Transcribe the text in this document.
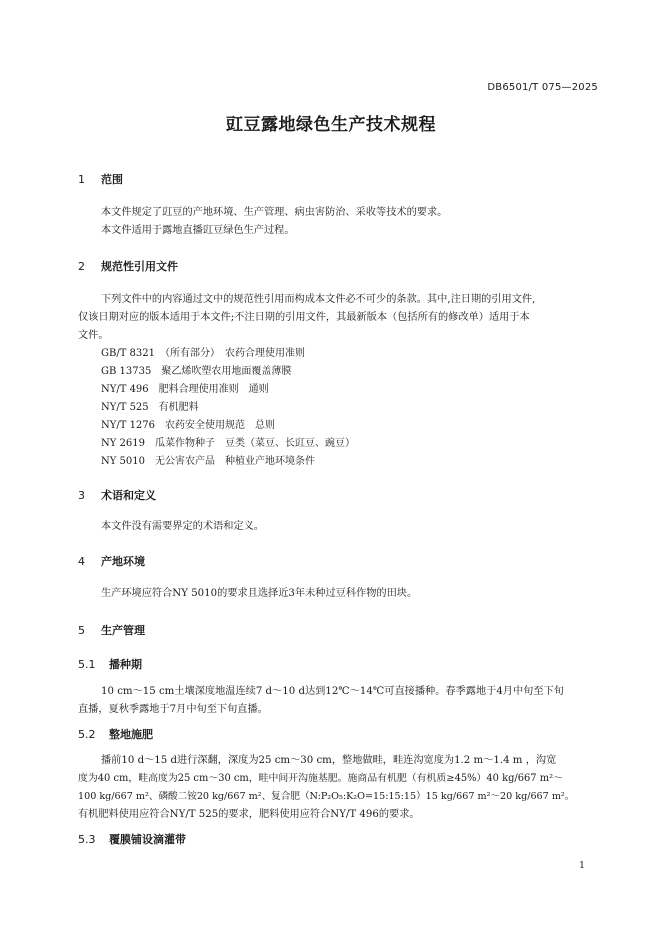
DB6501/T 075—2025
豇豆露地绿色生产技术规程
1 范围
本文件规定了豇豆的产地环境、生产管理、病虫害防治、采收等技术的要求。
本文件适用于露地直播豇豆绿色生产过程。
2 规范性引用文件
下列文件中的内容通过文中的规范性引用而构成本文件必不可少的条款。其中,注日期的引用文件,
仅该日期对应的版本适用于本文件;不注日期的引用文件，其最新版本（包括所有的修改单）适用于本
文件。
GB/T 8321　（所有部分）　农药合理使用准则
GB 13735　聚乙烯吹塑农用地面覆盖薄膜
NY/T 496　肥料合理使用准则　通则
NY/T 525　有机肥料
NY/T 1276　农药安全使用规范　总则
NY 2619　瓜菜作物种子　豆类（菜豆、长豇豆、豌豆）
NY 5010　无公害农产品　种植业产地环境条件
3 术语和定义
本文件没有需要界定的术语和定义。
4 产地环境
生产环境应符合NY 5010的要求且选择近3年未种过豆科作物的田块。
5 生产管理
5.1 播种期
10 cm～15 cm土壤深度地温连续7 d～10 d达到12℃～14℃可直接播种。春季露地于4月中旬至下旬
直播，夏秋季露地于7月中旬至下旬直播。
5.2 整地施肥
播前10 d～15 d进行深翻，深度为25 cm～30 cm，整地做畦，畦连沟宽度为1.2 m～1.4 m ，沟宽
度为40 cm，畦高度为25 cm～30 cm，畦中间开沟施基肥。施商品有机肥（有机质≥45%）40 kg/667 m²～
100 kg/667 m²、磷酸二铵20 kg/667 m²、复合肥（N:P₂O₅:K₂O=15:15:15）15 kg/667 m²～20 kg/667 m²。
有机肥料使用应符合NY/T 525的要求，肥料使用应符合NY/T 496的要求。
5.3 覆膜铺设滴灌带
1
